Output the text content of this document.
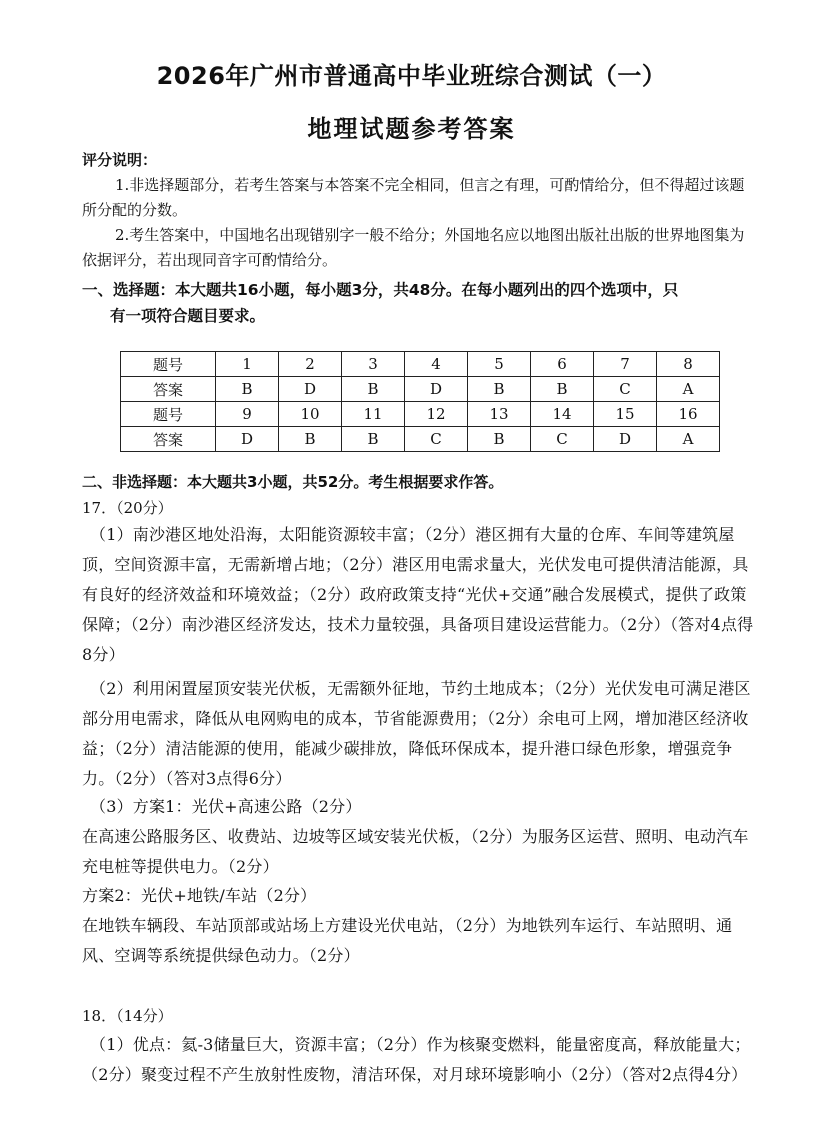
2026年广州市普通高中毕业班综合测试（一）
地理试题参考答案

评分说明：

1.非选择题部分，若考生答案与本答案不完全相同，但言之有理，可酌情给分，但不得超过该题所分配的分数。

2.考生答案中，中国地名出现错别字一般不给分；外国地名应以地图出版社出版的世界地图集为依据评分，若出现同音字可酌情给分。

一、选择题：本大题共16小题，每小题3分，共48分。在每小题列出的四个选项中，只

有一项符合题目要求。

题号	1	2	3	4	5	6	7	8
答案	B	D	B	D	B	B	C	A
题号	9	10	11	12	13	14	15	16
答案	D	B	B	C	B	C	D	A

二、非选择题：本大题共3小题，共52分。考生根据要求作答。

17．（20分）

（1）南沙港区地处沿海，太阳能资源较丰富；（2分）港区拥有大量的仓库、车间等建筑屋顶，空间资源丰富，无需新增占地；（2分）港区用电需求量大，光伏发电可提供清洁能源，具有良好的经济效益和环境效益；（2分）政府政策支持“光伏+交通”融合发展模式，提供了政策保障；（2分）南沙港区经济发达，技术力量较强，具备项目建设运营能力。（2分）（答对4点得8分）

（2）利用闲置屋顶安装光伏板，无需额外征地，节约土地成本；（2分）光伏发电可满足港区部分用电需求，降低从电网购电的成本，节省能源费用；（2分）余电可上网，增加港区经济收益；（2分）清洁能源的使用，能减少碳排放，降低环保成本，提升港口绿色形象，增强竞争力。（2分）（答对3点得6分）

（3）方案1：光伏+高速公路（2分）

在高速公路服务区、收费站、边坡等区域安装光伏板，（2分）为服务区运营、照明、电动汽车充电桩等提供电力。（2分）

方案2：光伏+地铁/车站（2分）

在地铁车辆段、车站顶部或站场上方建设光伏电站，（2分）为地铁列车运行、车站照明、通风、空调等系统提供绿色动力。（2分）

18．（14分）

（1）优点：氦-3储量巨大，资源丰富；（2分）作为核聚变燃料，能量密度高，释放能量大；（2分）聚变过程不产生放射性废物，清洁环保，对月球环境影响小（2分）（答对2点得4分）
